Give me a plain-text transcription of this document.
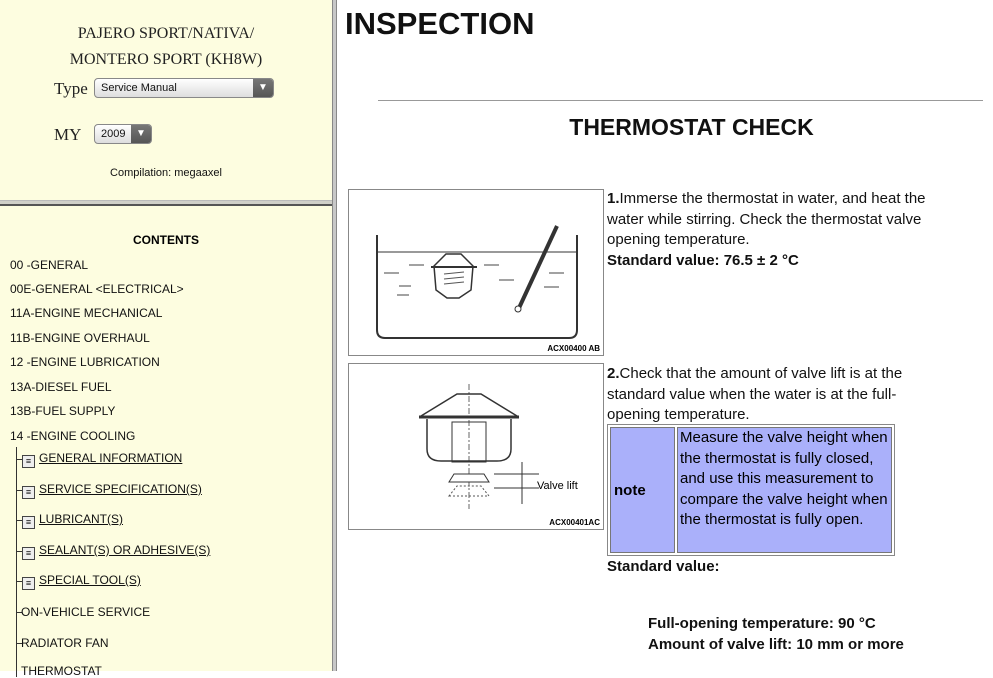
PAJERO SPORT/NATIVA/
MONTERO SPORT (KH8W)
Type	Service Manual	▼
MY	2009	▼
Compilation: megaaxel
CONTENTS
00 -GENERAL
00E-GENERAL <ELECTRICAL>
11A-ENGINE MECHANICAL
11B-ENGINE OVERHAUL
12 -ENGINE LUBRICATION
13A-DIESEL FUEL
13B-FUEL SUPPLY
14 -ENGINE COOLING
≡ GENERAL INFORMATION
≡ SERVICE SPECIFICATION(S)
≡ LUBRICANT(S)
≡ SEALANT(S) OR ADHESIVE(S)
≡ SPECIAL TOOL(S)
ON-VEHICLE SERVICE
RADIATOR FAN
THERMOSTAT
INSPECTION
THERMOSTAT CHECK
ACX00400 AB
Valve lift
ACX00401AC
1.Immerse the thermostat in water, and heat the water while stirring. Check the thermostat valve opening temperature.
Standard value: 76.5 ± 2 °C
2.Check that the amount of valve lift is at the standard value when the water is at the full-opening temperature.
note
Measure the valve height when the thermostat is fully closed, and use this measurement to compare the valve height when the thermostat is fully open.
Standard value:
Full-opening temperature: 90 °C
Amount of valve lift: 10 mm or more
